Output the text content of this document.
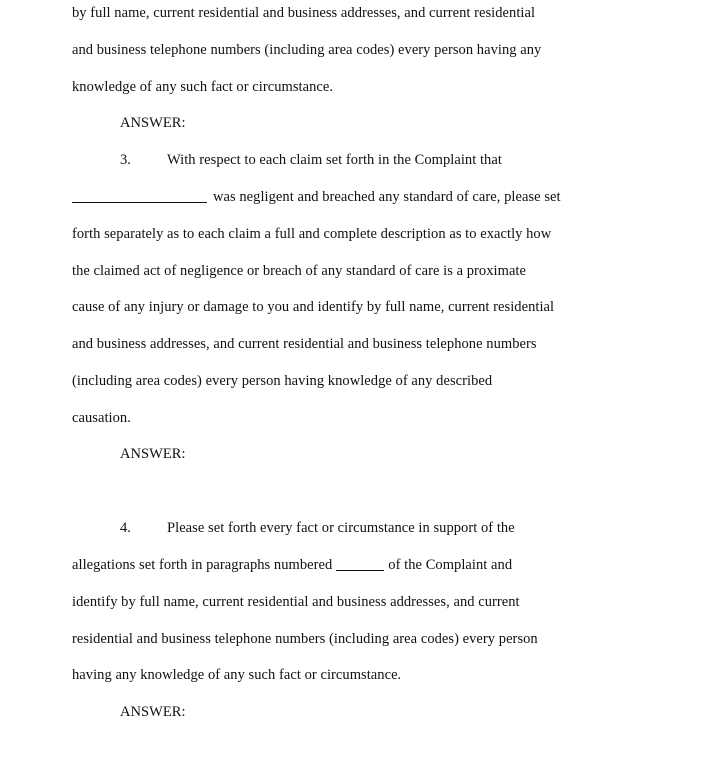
by full name, current residential and business addresses, and current residential
and business telephone numbers (including area codes) every person having any
knowledge of any such fact or circumstance.
ANSWER:
3. With respect to each claim set forth in the Complaint that
was negligent and breached any standard of care, please set
forth separately as to each claim a full and complete description as to exactly how
the claimed act of negligence or breach of any standard of care is a proximate
cause of any injury or damage to you and identify by full name, current residential
and business addresses, and current residential and business telephone numbers
(including area codes) every person having knowledge of any described
causation.
ANSWER:
4. Please set forth every fact or circumstance in support of the
allegations set forth in paragraphs numbered	of the Complaint and
identify by full name, current residential and business addresses, and current
residential and business telephone numbers (including area codes) every person
having any knowledge of any such fact or circumstance.
ANSWER:
